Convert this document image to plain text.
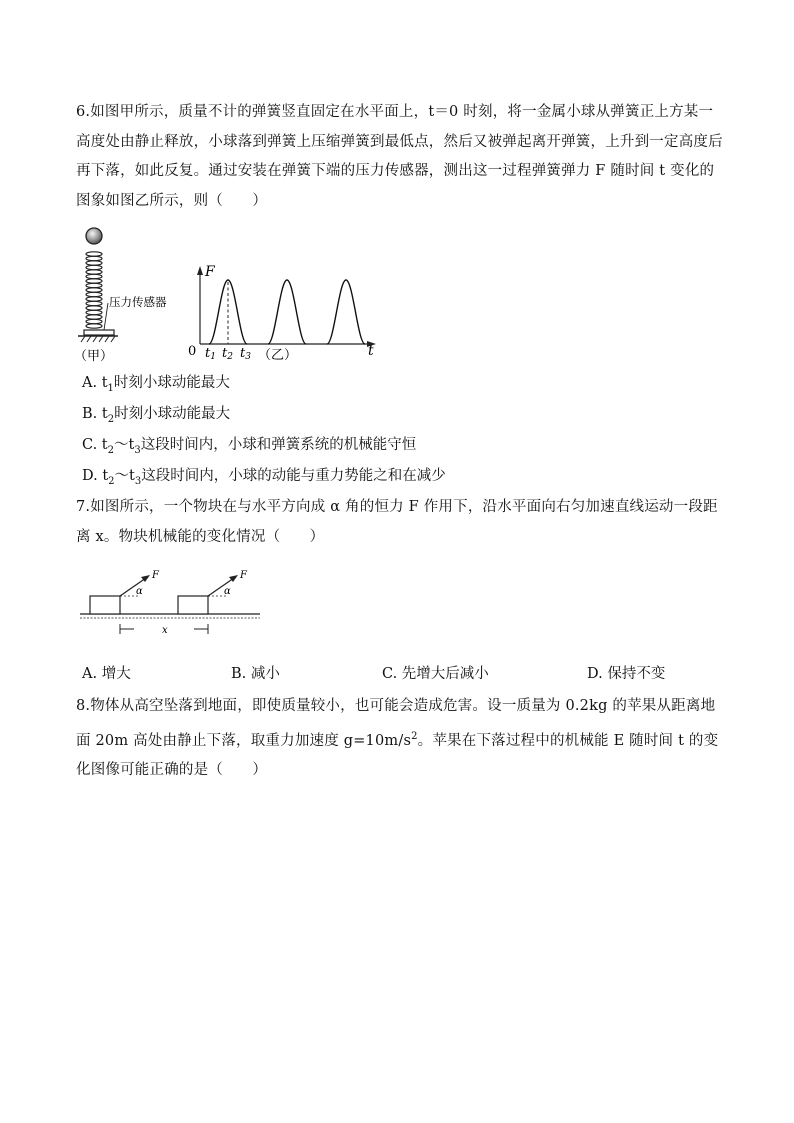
6.如图甲所示，质量不计的弹簧竖直固定在水平面上，t＝0 时刻，将一金属小球从弹簧正上方某一高度处由静止释放，小球落到弹簧上压缩弹簧到最低点，然后又被弹起离开弹簧，上升到一定高度后再下落，如此反复。通过安装在弹簧下端的压力传感器，测出这一过程弹簧弹力 F 随时间 t 变化的图象如图乙所示，则（　　）
压力传感器
（甲）
F
t
0 t1 t2 t3 （乙）
A. $t_1$时刻小球动能最大
B. $t_2$时刻小球动能最大
C. $t_2\sim t_3$这段时间内，小球和弹簧系统的机械能守恒
D. $t_2\sim t_3$这段时间内，小球的动能与重力势能之和在减少
7.如图所示，一个物块在与水平方向成 α 角的恒力 F 作用下，沿水平面向右匀加速直线运动一段距离 x。物块机械能的变化情况（　　）
α
F
α
F
x
A. 增大	B. 减小	C. 先增大后减小	D. 保持不变
8.物体从高空坠落到地面，即使质量较小，也可能会造成危害。设一质量为 0.2kg 的苹果从距离地面 20m 高处由静止下落，取重力加速度 $g=10m/s^2$。苹果在下落过程中的机械能 E 随时间 t 的变化图像可能正确的是（　　）
